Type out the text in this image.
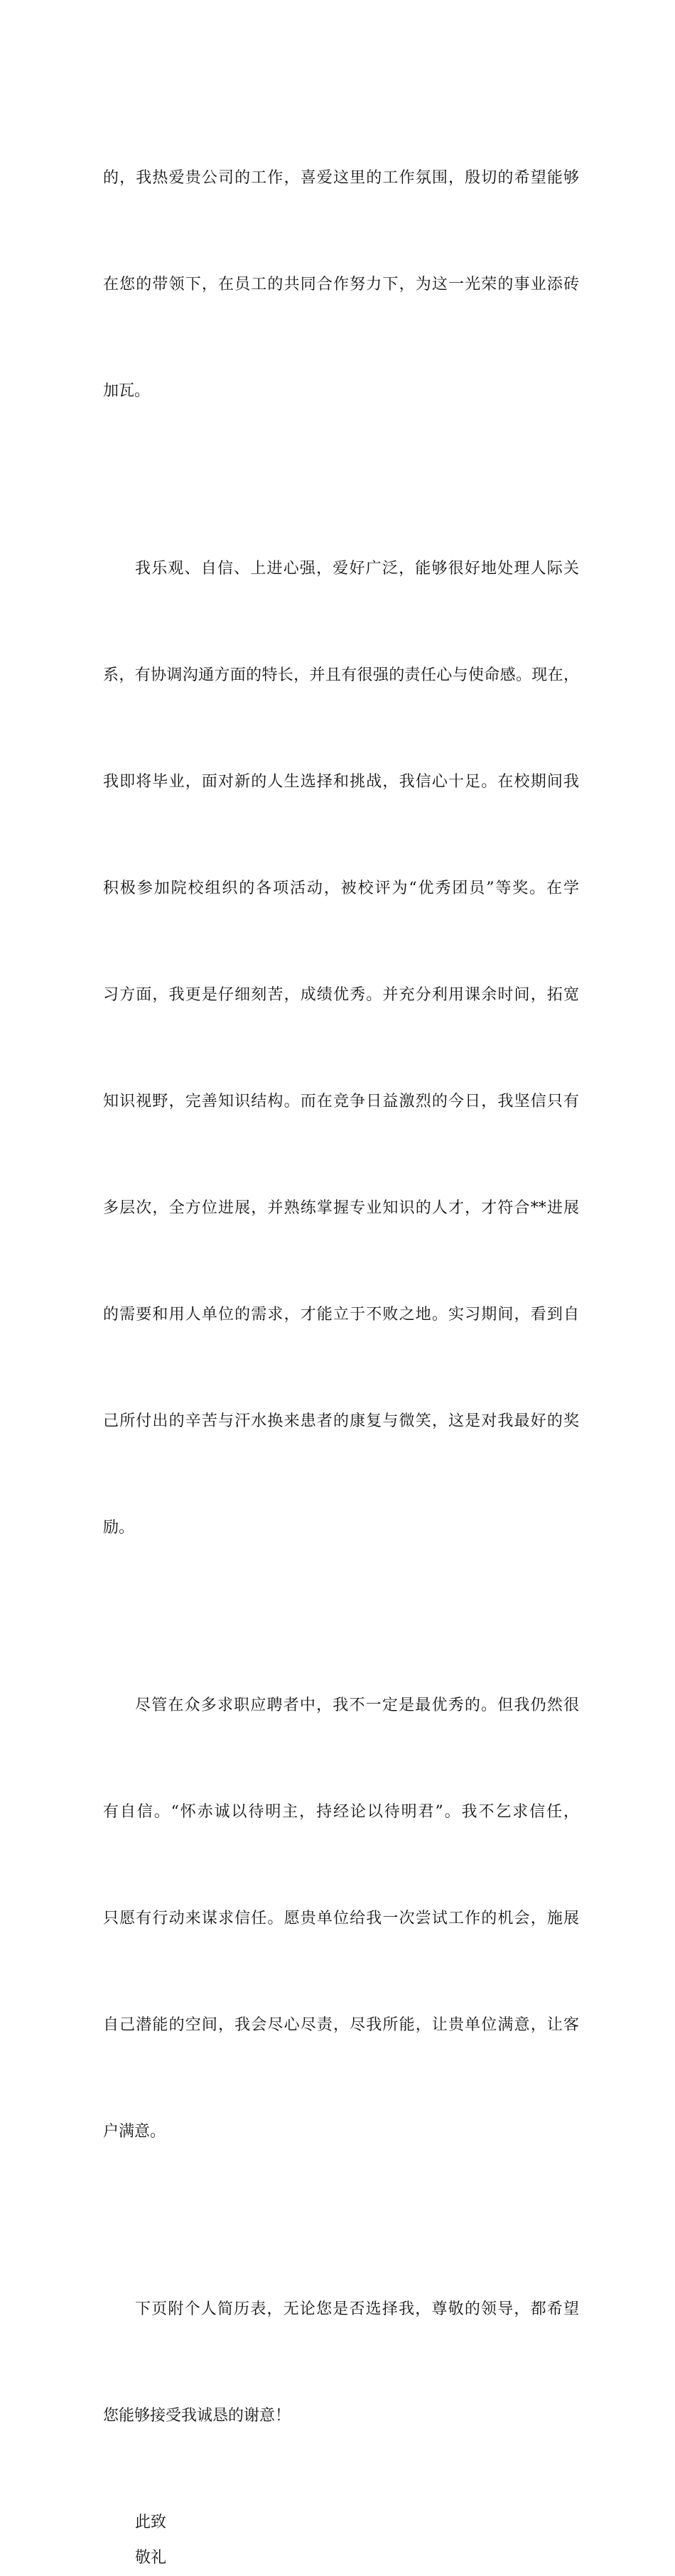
的，我热爱贵公司的工作，喜爱这里的工作氛围，殷切的希望能够

在您的带领下，在员工的共同合作努力下，为这一光荣的事业添砖

加瓦。

我乐观、自信、上进心强，爱好广泛，能够很好地处理人际关

系，有协调沟通方面的特长，并且有很强的责任心与使命感。现在，

我即将毕业，面对新的人生选择和挑战，我信心十足。在校期间我

积极参加院校组织的各项活动，被校评为“优秀团员”等奖。在学

习方面，我更是仔细刻苦，成绩优秀。并充分利用课余时间，拓宽

知识视野，完善知识结构。而在竞争日益激烈的今日，我坚信只有

多层次，全方位进展，并熟练掌握专业知识的人才，才符合**进展

的需要和用人单位的需求，才能立于不败之地。实习期间，看到自

己所付出的辛苦与汗水换来患者的康复与微笑，这是对我最好的奖

励。

尽管在众多求职应聘者中，我不一定是最优秀的。但我仍然很

有自信。“怀赤诚以待明主，持经论以待明君”。我不乞求信任，

只愿有行动来谋求信任。愿贵单位给我一次尝试工作的机会，施展

自己潜能的空间，我会尽心尽责，尽我所能，让贵单位满意，让客

户满意。

下页附个人简历表，无论您是否选择我，尊敬的领导，都希望

您能够接受我诚恳的谢意！

此致

敬礼
